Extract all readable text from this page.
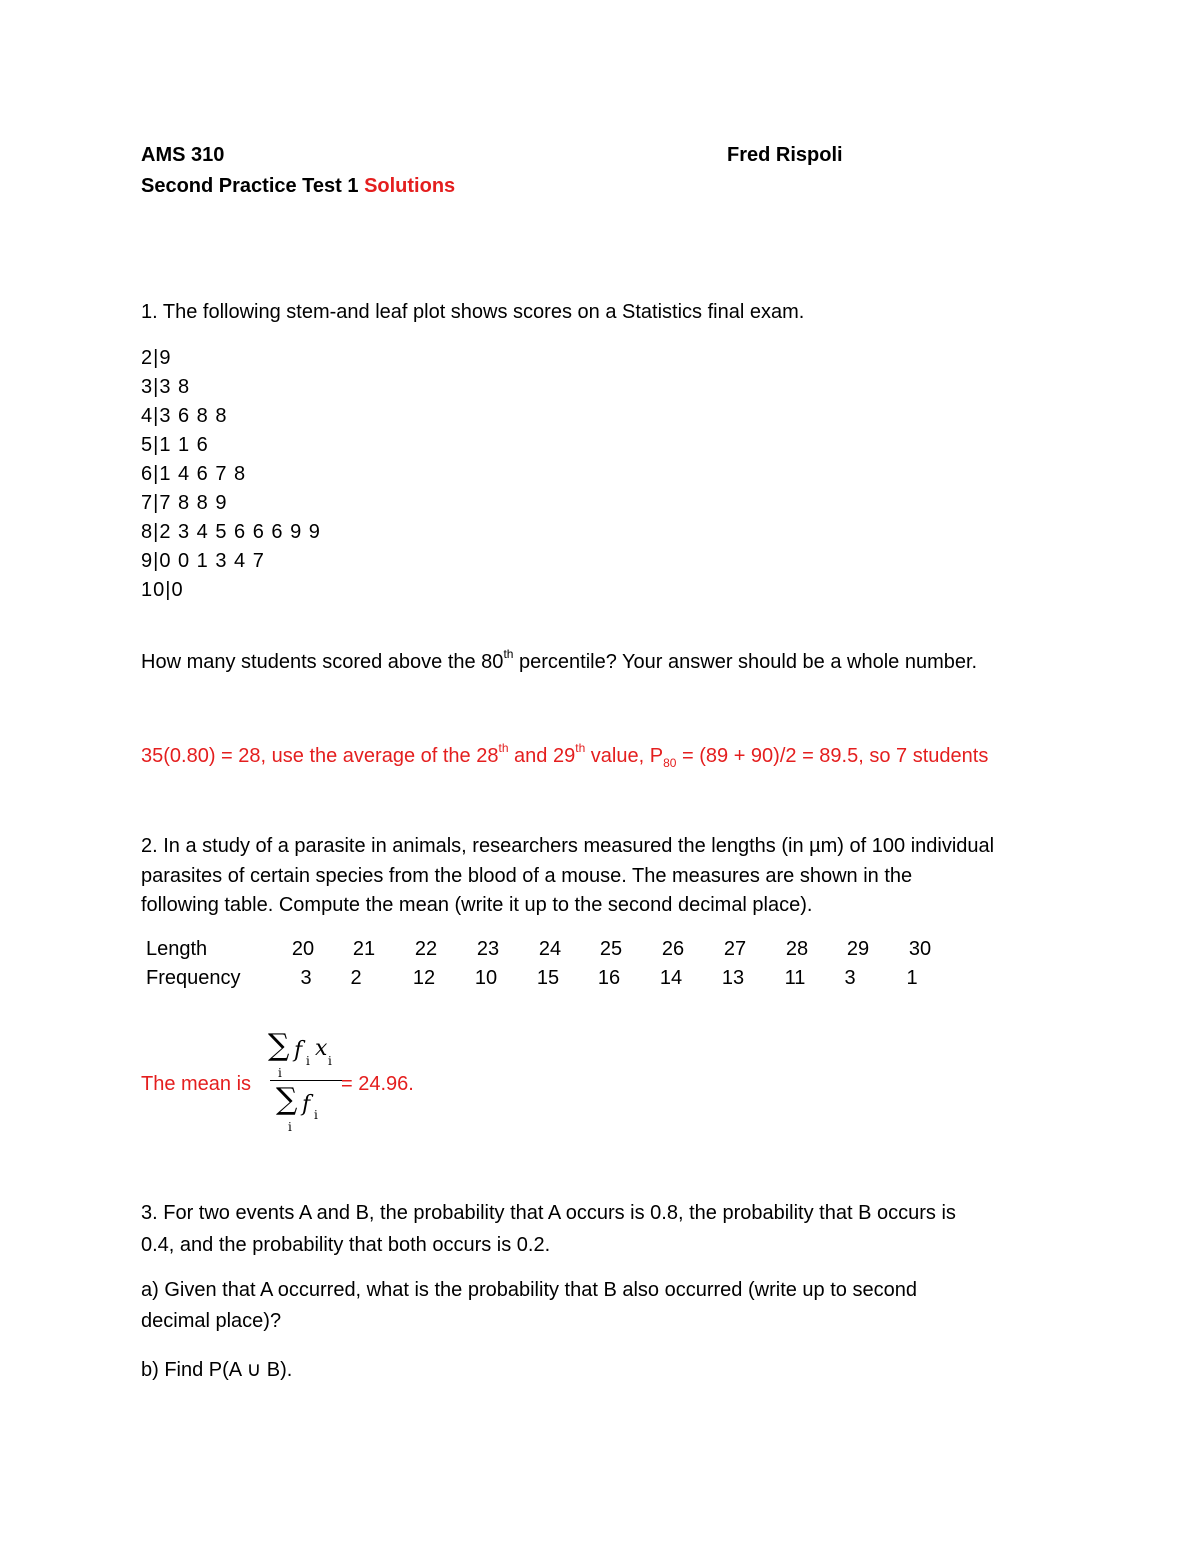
AMS 310	Fred Rispoli
Second Practice Test 1 Solutions
1. The following stem-and leaf plot shows scores on a Statistics final exam.
2|9
3|3 8
4|3 6 8 8
5|1 1 6
6|1 4 6 7 8
7|7 8 8 9
8|2 3 4 5 6 6 6 9 9
9|0 0 1 3 4 7
10|0
How many students scored above the 80th percentile? Your answer should be a whole number.
35(0.80) = 28, use the average of the 28th and 29th value, $P_{80} = (89 + 90)/2 = 89.5$, so 7 students
2. In a study of a parasite in animals, researchers measured the lengths (in µm) of 100 individual
parasites of certain species from the blood of a mouse. The measures are shown in the
following table. Compute the mean (write it up to the second decimal place).
Length	20	21	22	23	24	25	26	27	28	29	30
Frequency	3	2	12	10	15	16	14	13	11	3	1
The mean is
∑ f i x i
i
∑ f i
i
= 24.96.
3. For two events A and B, the probability that A occurs is 0.8, the probability that B occurs is
0.4, and the probability that both occurs is 0.2.
a) Given that A occurred, what is the probability that B also occurred (write up to second
decimal place)?
b) Find P(A ∪ B).
